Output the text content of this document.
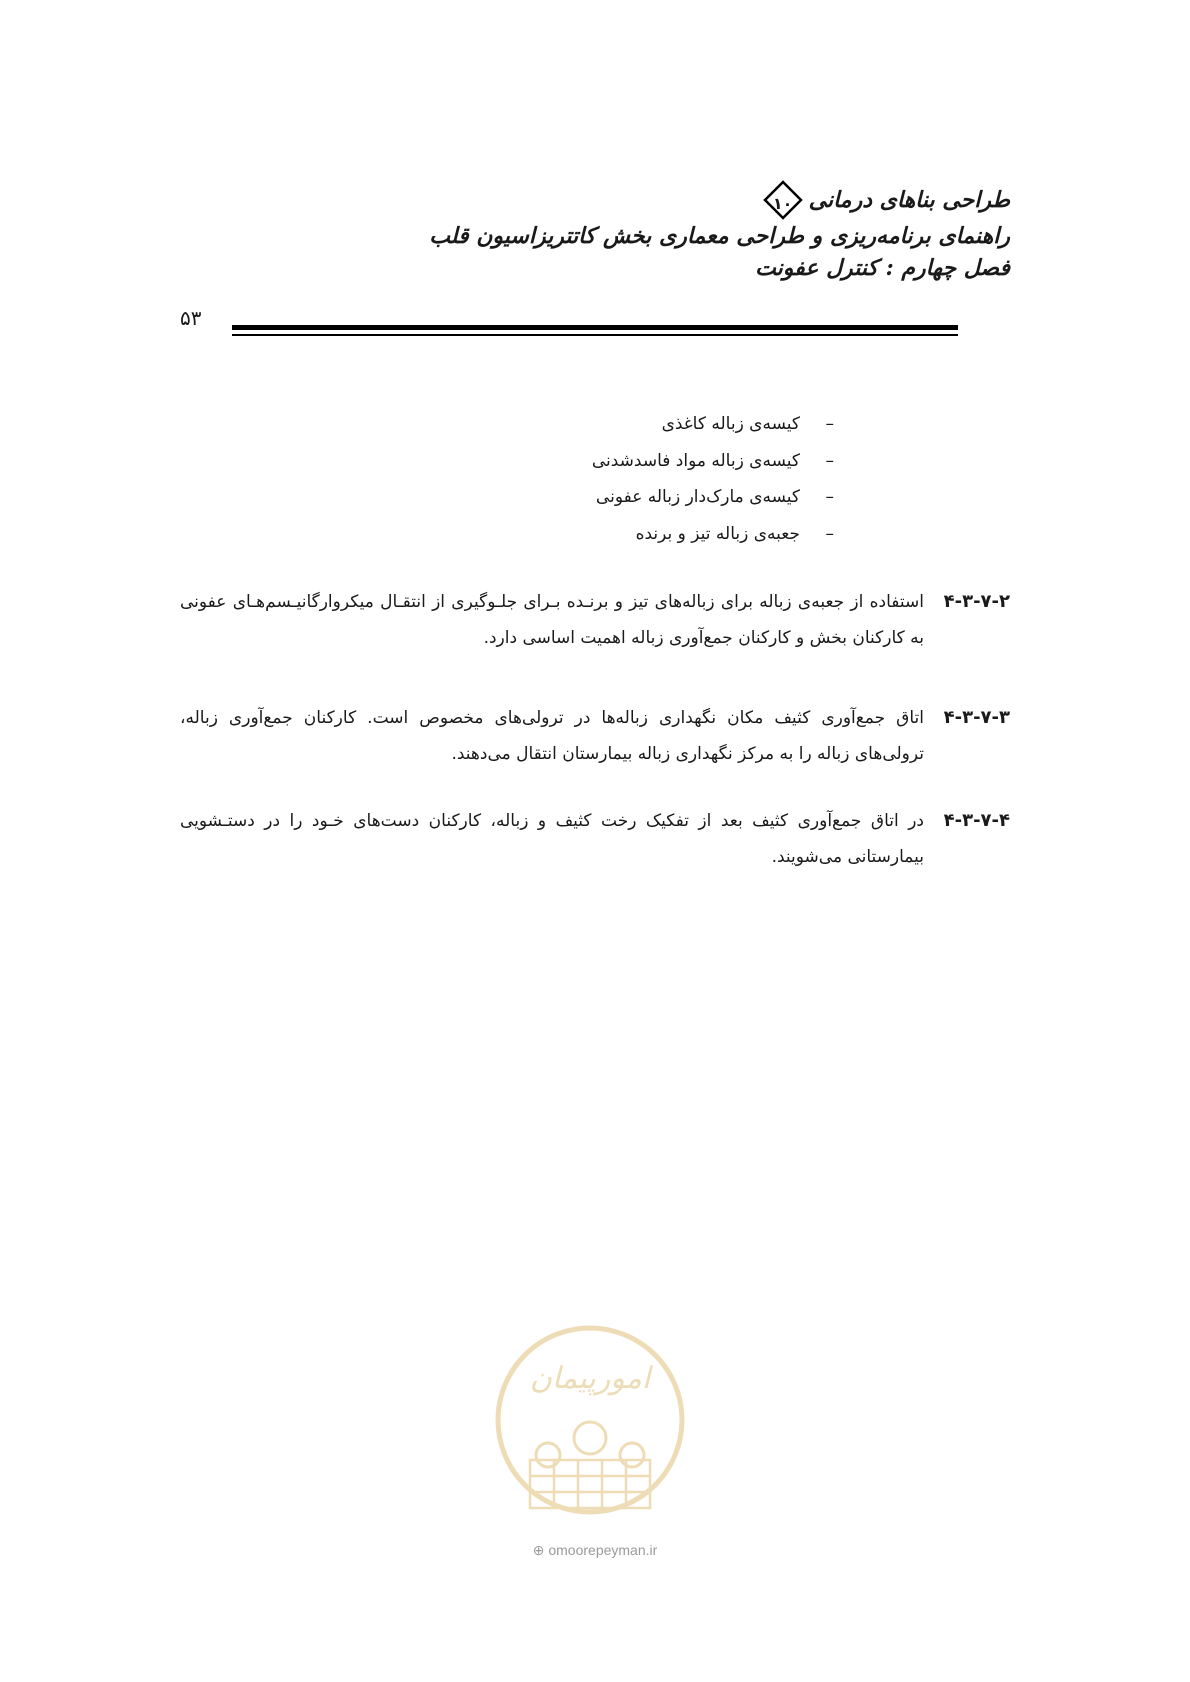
طراحی بناهای درمانی
۱۰
راهنمای برنامه‌ریزی و طراحی معماری بخش کاتتریزاسیون قلب
فصل چهارم : کنترل عفونت
۵۳
–کیسه‌ی زباله کاغذی
–کیسه‌ی زباله مواد فاسدشدنی
–کیسه‌ی مارک‌دار زباله عفونی
–جعبه‌ی زباله تیز و برنده
۴-۳-۷-۲
استفاده از جعبه‌ی زباله برای زباله‌های تیز و برنـده بـرای جلـوگیری از انتقـال میکروارگانیـسم‌هـای عفونی به کارکنان بخش و کارکنان جمع‌آوری زباله اهمیت اساسی دارد.
۴-۳-۷-۳
اتاق جمع‌آوری کثیف مکان نگهداری زباله‌ها در ترولی‌های مخصوص است. کارکنان جمع‌آوری زباله، ترولی‌های زباله را به مرکز نگهداری زباله بیمارستان انتقال می‌دهند.
۴-۳-۷-۴
در اتاق جمع‌آوری کثیف بعد از تفکیک رخت کثیف و زباله، کارکنان دست‌های خـود را در دستـشویی بیمارستانی می‌شویند.
امورپیمان
⊕ omoorepeyman.ir
